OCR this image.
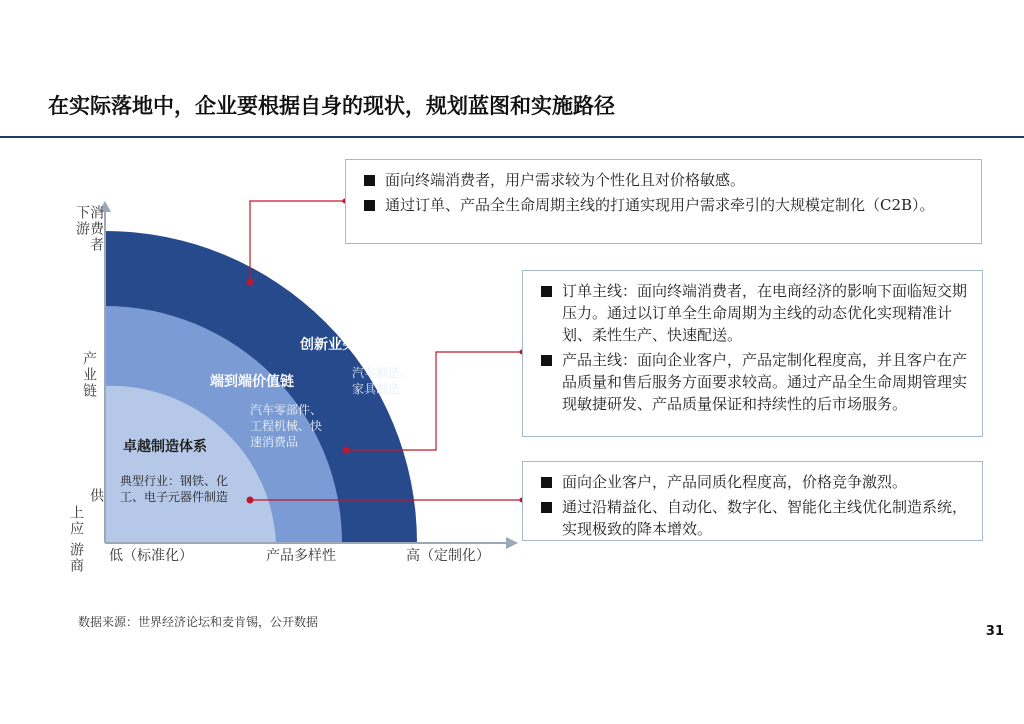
在实际落地中，企业要根据自身的现状，规划蓝图和实施路径
创新业务模式
汽车制造、
家具制造
端到端价值链
汽车零部件、
工程机械、快
速消费品
卓越制造体系
典型行业：钢铁、化
工、电子元器件制造
低（标准化）	产品多样性	高（定制化）
下游
消费者
产业链
供
上应
游商
面向终端消费者，用户需求较为个性化且对价格敏感。
通过订单、产品全生命周期主线的打通实现用户需求牵引的大规模定制化（C2B）。
订单主线：面向终端消费者，在电商经济的影响下面临短交期压力。通过以订单全生命周期为主线的动态优化实现精准计划、柔性生产、快速配送。
产品主线：面向企业客户，产品定制化程度高，并且客户在产品质量和售后服务方面要求较高。通过产品全生命周期管理实现敏捷研发、产品质量保证和持续性的后市场服务。
面向企业客户，产品同质化程度高，价格竞争激烈。
通过沿精益化、自动化、数字化、智能化主线优化制造系统，实现极致的降本增效。
数据来源：世界经济论坛和麦肯锡，公开数据
31
